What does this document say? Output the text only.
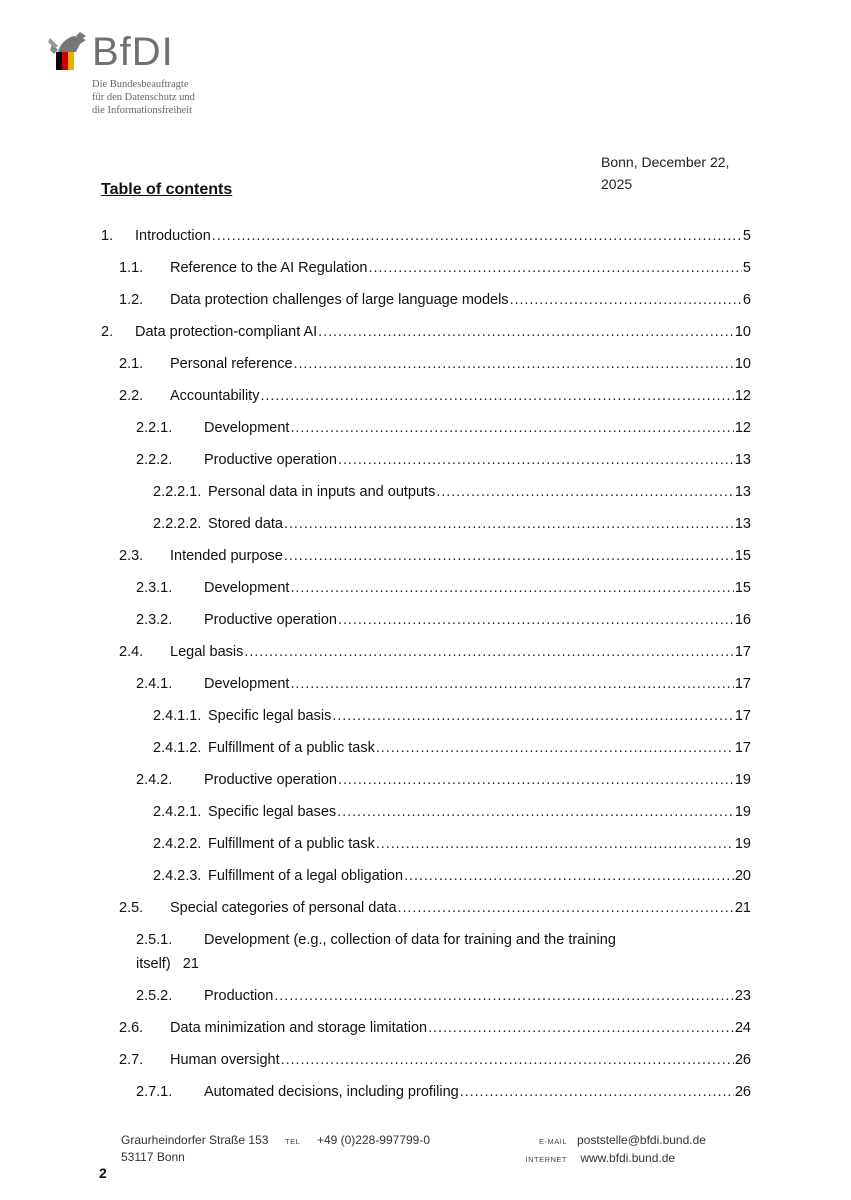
BfDI
Die Bundesbeauftragte
für den Datenschutz und
die Informationsfreiheit
Bonn, December 22,
2025
Table of contents
1.	Introduction . . .	5
1.1.	Reference to the AI Regulation . . .	5
1.2.	Data protection challenges of large language models . . .	6
2.	Data protection-compliant AI . . .	10
2.1.	Personal reference . . .	10
2.2.	Accountability . . .	12
2.2.1.	Development . . .	12
2.2.2.	Productive operation . . .	13
2.2.2.1. Personal data in inputs and outputs . . .	13
2.2.2.2. Stored data . . .	13
2.3.	Intended purpose . . .	15
2.3.1.	Development . . .	15
2.3.2.	Productive operation . . .	16
2.4.	Legal basis . . .	17
2.4.1.	Development . . .	17
2.4.1.1. Specific legal basis . . .	17
2.4.1.2. Fulfillment of a public task . . .	17
2.4.2.	Productive operation . . .	19
2.4.2.1. Specific legal bases . . .	19
2.4.2.2. Fulfillment of a public task . . .	19
2.4.2.3. Fulfillment of a legal obligation . . .	20
2.5.	Special categories of personal data . . .	21
2.5.1. Development (e.g., collection of data for training and the training
itself) 21
2.5.2.	Production . . .	23
2.6.	Data minimization and storage limitation . . .	24
2.7.	Human oversight . . .	26
2.7.1.	Automated decisions, including profiling . . .	26
Graurheindorfer Straße 153
53117 Bonn
TEL +49 (0)228-997799-0	E-MAIL poststelle@bfdi.bund.de
INTERNET www.bfdi.bund.de
2
